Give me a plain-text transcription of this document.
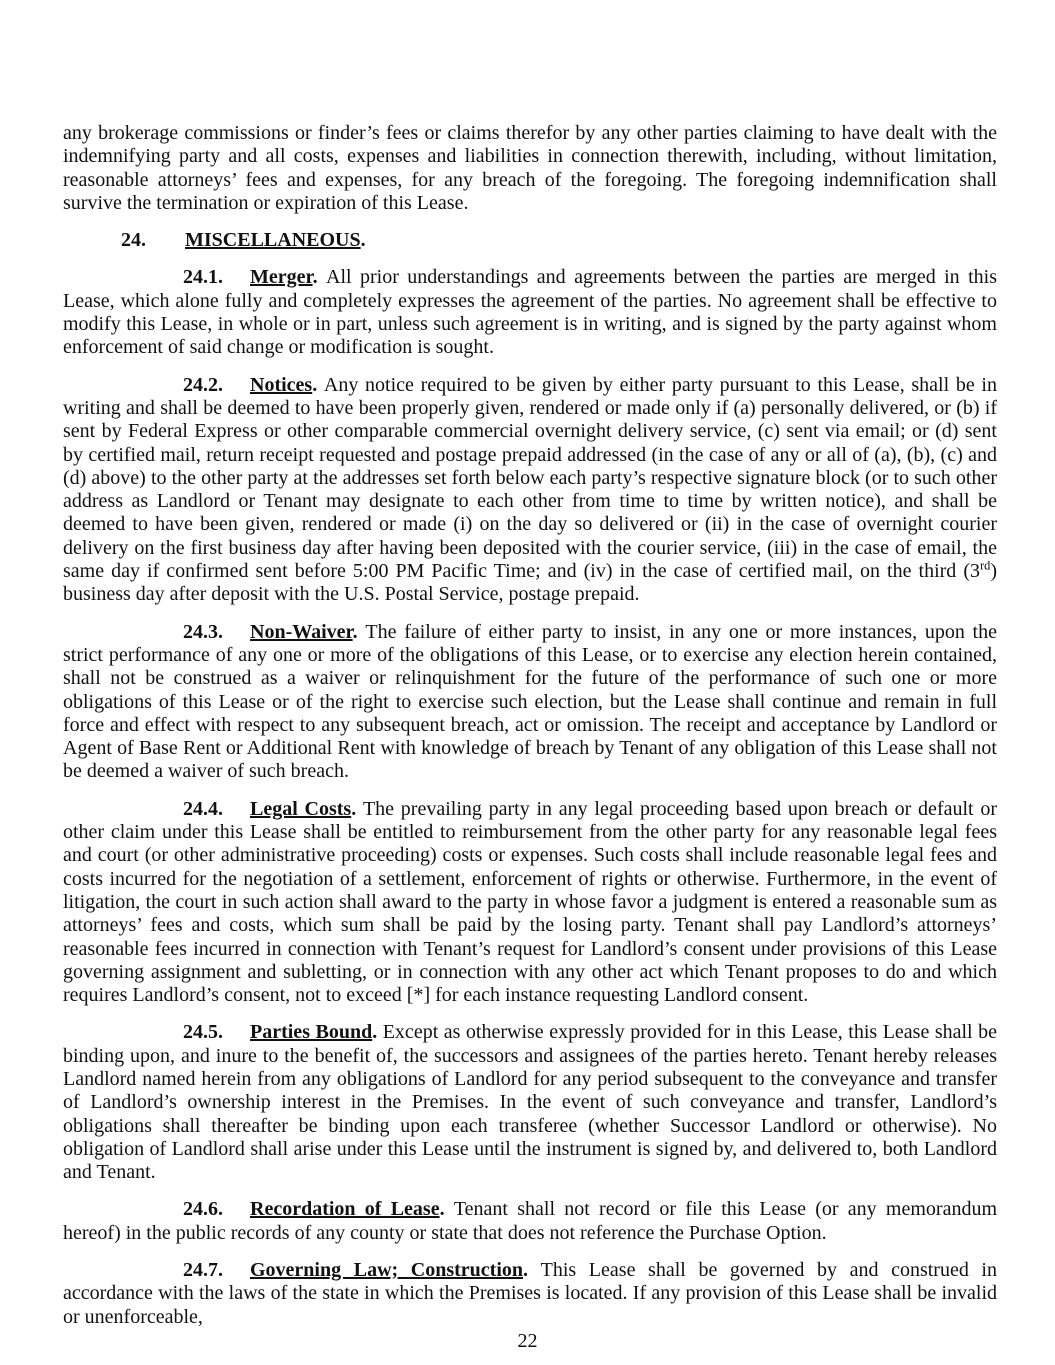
any brokerage commissions or finder’s fees or claims therefor by any other parties claiming to have dealt with the indemnifying party and all costs, expenses and liabilities in connection therewith, including, without limitation, reasonable attorneys’ fees and expenses, for any breach of the foregoing. The foregoing indemnification shall survive the termination or expiration of this Lease.

24. MISCELLANEOUS.

24.1. Merger. All prior understandings and agreements between the parties are merged in this Lease, which alone fully and completely expresses the agreement of the parties. No agreement shall be effective to modify this Lease, in whole or in part, unless such agreement is in writing, and is signed by the party against whom enforcement of said change or modification is sought.

24.2. Notices. Any notice required to be given by either party pursuant to this Lease, shall be in writing and shall be deemed to have been properly given, rendered or made only if (a) personally delivered, or (b) if sent by Federal Express or other comparable commercial overnight delivery service, (c) sent via email; or (d) sent by certified mail, return receipt requested and postage prepaid addressed (in the case of any or all of (a), (b), (c) and (d) above) to the other party at the addresses set forth below each party’s respective signature block (or to such other address as Landlord or Tenant may designate to each other from time to time by written notice), and shall be deemed to have been given, rendered or made (i) on the day so delivered or (ii) in the case of overnight courier delivery on the first business day after having been deposited with the courier service, (iii) in the case of email, the same day if confirmed sent before 5:00 PM Pacific Time; and (iv) in the case of certified mail, on the third (3rd) business day after deposit with the U.S. Postal Service, postage prepaid.

24.3. Non-Waiver. The failure of either party to insist, in any one or more instances, upon the strict performance of any one or more of the obligations of this Lease, or to exercise any election herein contained, shall not be construed as a waiver or relinquishment for the future of the performance of such one or more obligations of this Lease or of the right to exercise such election, but the Lease shall continue and remain in full force and effect with respect to any subsequent breach, act or omission. The receipt and acceptance by Landlord or Agent of Base Rent or Additional Rent with knowledge of breach by Tenant of any obligation of this Lease shall not be deemed a waiver of such breach.

24.4. Legal Costs. The prevailing party in any legal proceeding based upon breach or default or other claim under this Lease shall be entitled to reimbursement from the other party for any reasonable legal fees and court (or other administrative proceeding) costs or expenses. Such costs shall include reasonable legal fees and costs incurred for the negotiation of a settlement, enforcement of rights or otherwise. Furthermore, in the event of litigation, the court in such action shall award to the party in whose favor a judgment is entered a reasonable sum as attorneys’ fees and costs, which sum shall be paid by the losing party. Tenant shall pay Landlord’s attorneys’ reasonable fees incurred in connection with Tenant’s request for Landlord’s consent under provisions of this Lease governing assignment and subletting, or in connection with any other act which Tenant proposes to do and which requires Landlord’s consent, not to exceed [*] for each instance requesting Landlord consent.

24.5. Parties Bound. Except as otherwise expressly provided for in this Lease, this Lease shall be binding upon, and inure to the benefit of, the successors and assignees of the parties hereto. Tenant hereby releases Landlord named herein from any obligations of Landlord for any period subsequent to the conveyance and transfer of Landlord’s ownership interest in the Premises. In the event of such conveyance and transfer, Landlord’s obligations shall thereafter be binding upon each transferee (whether Successor Landlord or otherwise). No obligation of Landlord shall arise under this Lease until the instrument is signed by, and delivered to, both Landlord and Tenant.

24.6. Recordation of Lease. Tenant shall not record or file this Lease (or any memorandum hereof) in the public records of any county or state that does not reference the Purchase Option.

24.7. Governing Law; Construction. This Lease shall be governed by and construed in accordance with the laws of the state in which the Premises is located. If any provision of this Lease shall be invalid or unenforceable,

22
